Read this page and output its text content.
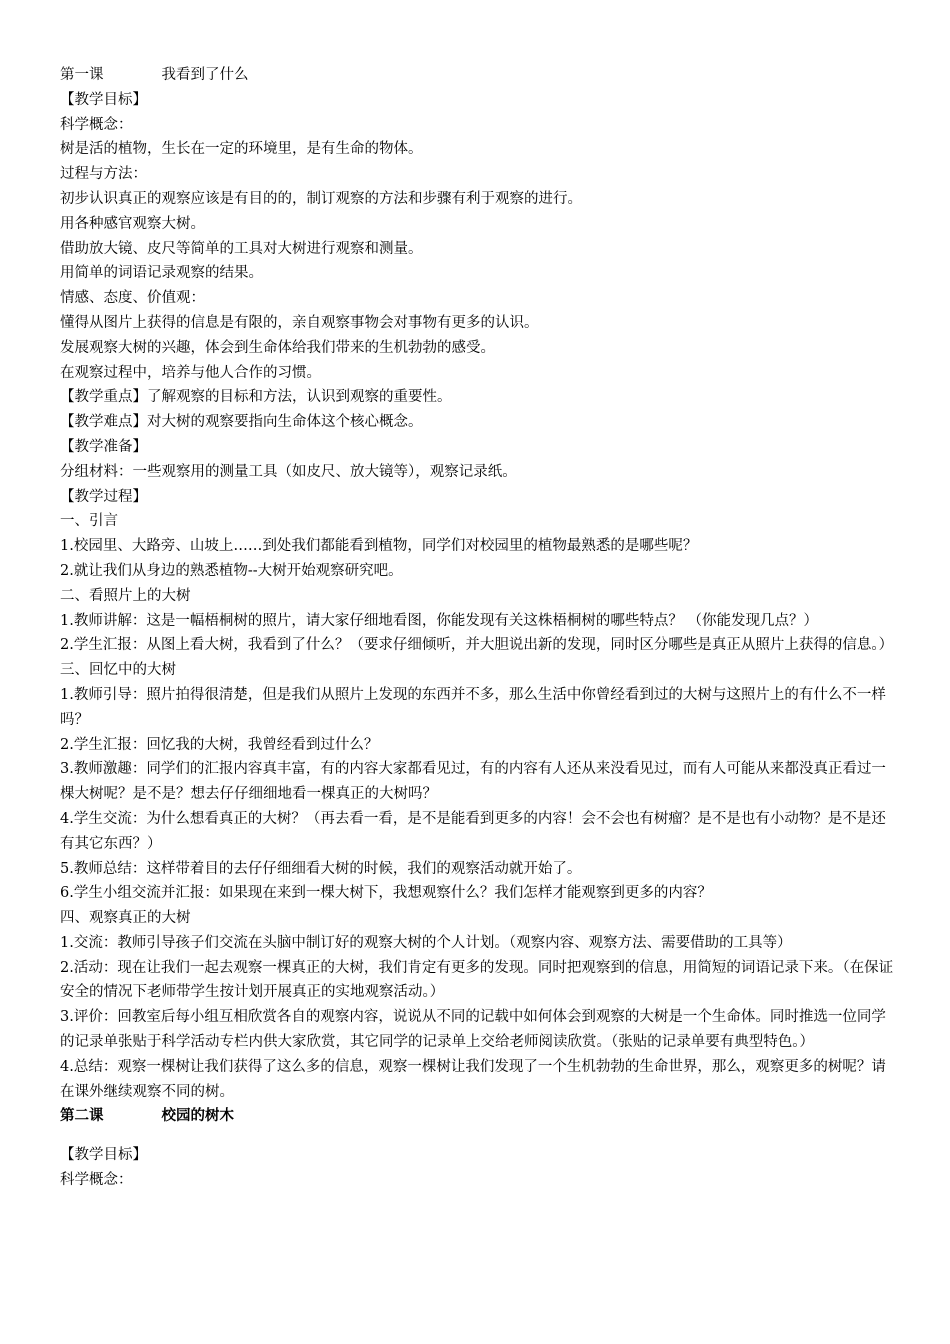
第一课	我看到了什么

【教学目标】

科学概念：

树是活的植物，生长在一定的环境里，是有生命的物体。

过程与方法：

初步认识真正的观察应该是有目的的，制订观察的方法和步骤有利于观察的进行。

用各种感官观察大树。

借助放大镜、皮尺等简单的工具对大树进行观察和测量。

用简单的词语记录观察的结果。

情感、态度、价值观：

懂得从图片上获得的信息是有限的，亲自观察事物会对事物有更多的认识。

发展观察大树的兴趣，体会到生命体给我们带来的生机勃勃的感受。

在观察过程中，培养与他人合作的习惯。

【教学重点】了解观察的目标和方法，认识到观察的重要性。

【教学难点】对大树的观察要指向生命体这个核心概念。

【教学准备】

分组材料：一些观察用的测量工具（如皮尺、放大镜等），观察记录纸。

【教学过程】

一、引言

1.校园里、大路旁、山坡上……到处我们都能看到植物，同学们对校园里的植物最熟悉的是哪些呢？

2.就让我们从身边的熟悉植物--大树开始观察研究吧。

二、看照片上的大树

1.教师讲解：这是一幅梧桐树的照片，请大家仔细地看图，你能发现有关这株梧桐树的哪些特点？ （你能发现几点？）

2.学生汇报：从图上看大树，我看到了什么？（要求仔细倾听，并大胆说出新的发现，同时区分哪些是真正从照片上获得的信息。）

三、回忆中的大树

1.教师引导：照片拍得很清楚，但是我们从照片上发现的东西并不多，那么生活中你曾经看到过的大树与这照片上的有什么不一样吗？

2.学生汇报：回忆我的大树，我曾经看到过什么？

3.教师激趣：同学们的汇报内容真丰富，有的内容大家都看见过，有的内容有人还从来没看见过，而有人可能从来都没真正看过一棵大树呢？是不是？想去仔仔细细地看一棵真正的大树吗？

4.学生交流：为什么想看真正的大树？（再去看一看，是不是能看到更多的内容！会不会也有树瘤？是不是也有小动物？是不是还有其它东西？）

5.教师总结：这样带着目的去仔仔细细看大树的时候，我们的观察活动就开始了。

6.学生小组交流并汇报：如果现在来到一棵大树下，我想观察什么？我们怎样才能观察到更多的内容？

四、观察真正的大树

1.交流：教师引导孩子们交流在头脑中制订好的观察大树的个人计划。（观察内容、观察方法、需要借助的工具等）

2.活动：现在让我们一起去观察一棵真正的大树，我们肯定有更多的发现。同时把观察到的信息，用简短的词语记录下来。（在保证安全的情况下老师带学生按计划开展真正的实地观察活动。）

3.评价：回教室后每小组互相欣赏各自的观察内容，说说从不同的记载中如何体会到观察的大树是一个生命体。同时推选一位同学的记录单张贴于科学活动专栏内供大家欣赏，其它同学的记录单上交给老师阅读欣赏。（张贴的记录单要有典型特色。）

4.总结：观察一棵树让我们获得了这么多的信息，观察一棵树让我们发现了一个生机勃勃的生命世界，那么，观察更多的树呢？请在课外继续观察不同的树。

第二课	校园的树木

【教学目标】

科学概念：
